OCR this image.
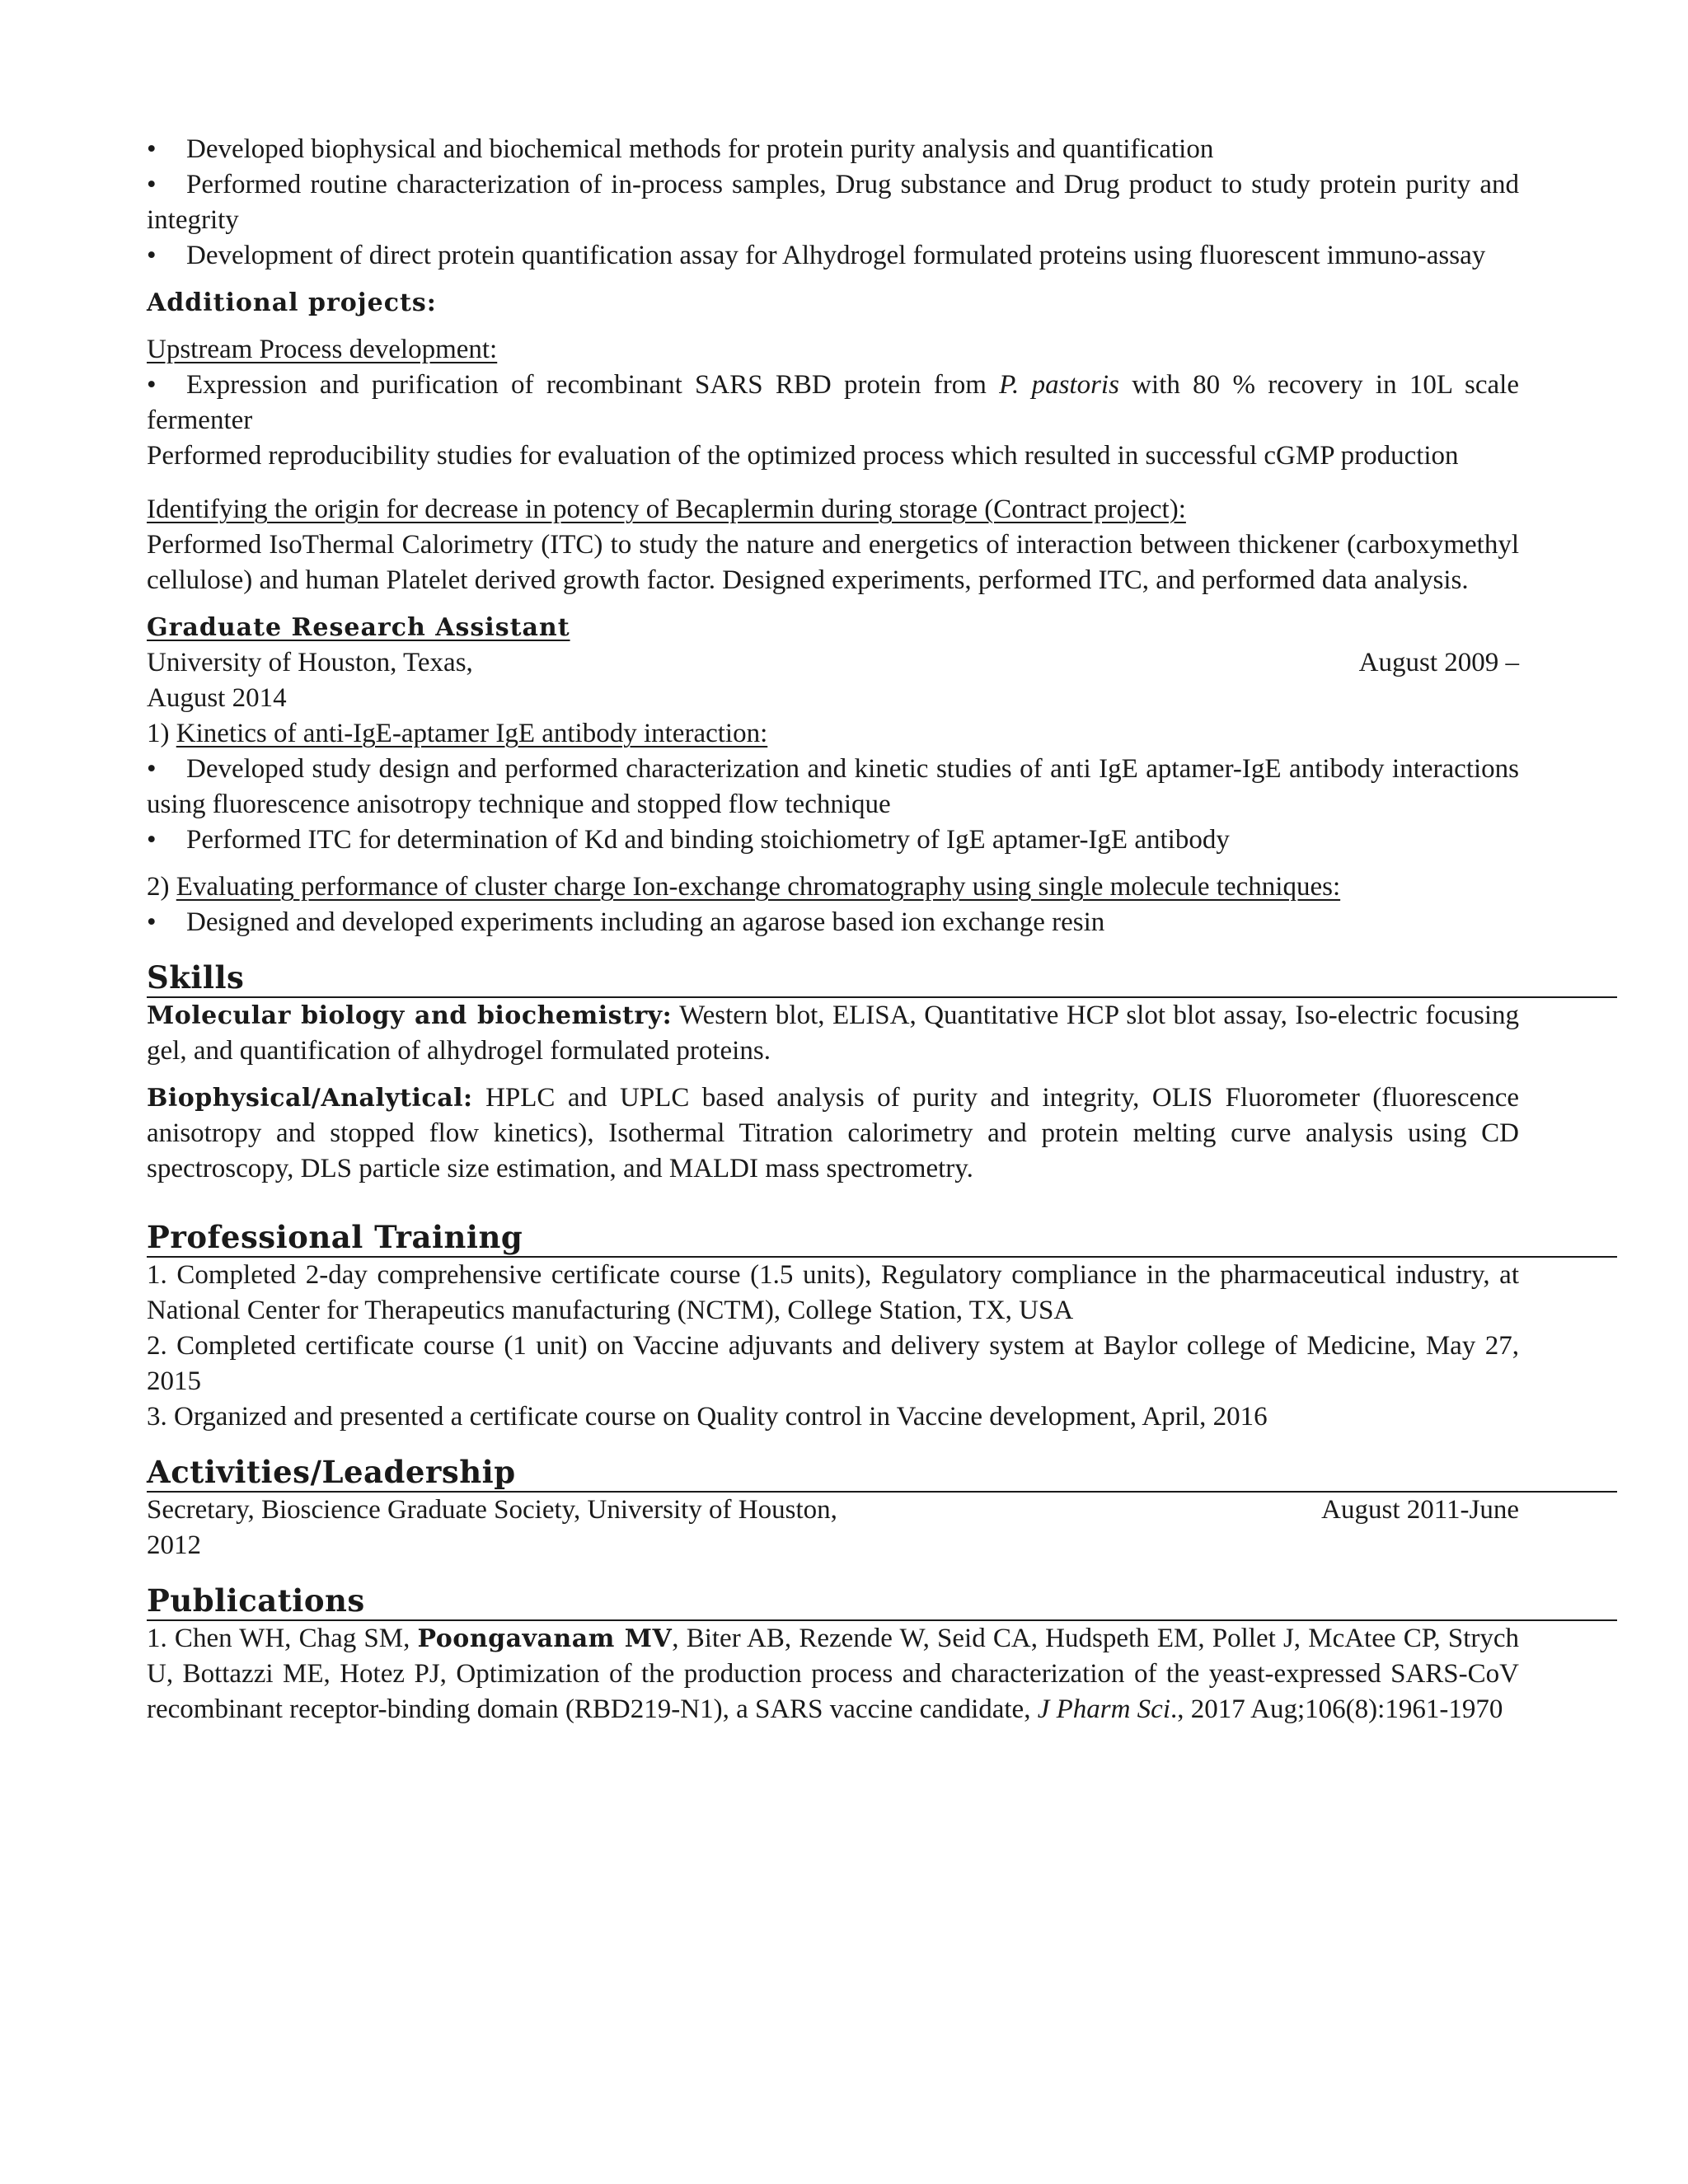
• Developed biophysical and biochemical methods for protein purity analysis and quantification

• Performed routine characterization of in-process samples, Drug substance and Drug product to study protein purity and integrity

• Development of direct protein quantification assay for Alhydrogel formulated proteins using fluorescent immuno-assay

Additional projects:

Upstream Process development:

• Expression and purification of recombinant SARS RBD protein from P. pastoris with 80 % recovery in 10L scale fermenter

Performed reproducibility studies for evaluation of the optimized process which resulted in successful cGMP production

Identifying the origin for decrease in potency of Becaplermin during storage (Contract project):

Performed IsoThermal Calorimetry (ITC) to study the nature and energetics of interaction between thickener (carboxymethyl cellulose) and human Platelet derived growth factor. Designed experiments, performed ITC, and performed data analysis.

Graduate Research Assistant

University of Houston, Texas,	August 2009 –

August 2014

1) Kinetics of anti-IgE-aptamer IgE antibody interaction:

• Developed study design and performed characterization and kinetic studies of anti IgE aptamer-IgE antibody interactions using fluorescence anisotropy technique and stopped flow technique

• Performed ITC for determination of Kd and binding stoichiometry of IgE aptamer-IgE antibody

2) Evaluating performance of cluster charge Ion-exchange chromatography using single molecule techniques:

• Designed and developed experiments including an agarose based ion exchange resin

Skills

Molecular biology and biochemistry: Western blot, ELISA, Quantitative HCP slot blot assay, Iso-electric focusing gel, and quantification of alhydrogel formulated proteins.

Biophysical/Analytical: HPLC and UPLC based analysis of purity and integrity, OLIS Fluorometer (fluorescence anisotropy and stopped flow kinetics), Isothermal Titration calorimetry and protein melting curve analysis using CD spectroscopy, DLS particle size estimation, and MALDI mass spectrometry.

Professional Training

1. Completed 2-day comprehensive certificate course (1.5 units), Regulatory compliance in the pharmaceutical industry, at National Center for Therapeutics manufacturing (NCTM), College Station, TX, USA

2. Completed certificate course (1 unit) on Vaccine adjuvants and delivery system at Baylor college of Medicine, May 27, 2015

3. Organized and presented a certificate course on Quality control in Vaccine development, April, 2016

Activities/Leadership

Secretary, Bioscience Graduate Society, University of Houston,	August 2011-June

2012

Publications

1. Chen WH, Chag SM, Poongavanam MV, Biter AB, Rezende W, Seid CA, Hudspeth EM, Pollet J, McAtee CP, Strych U, Bottazzi ME, Hotez PJ, Optimization of the production process and characterization of the yeast-expressed SARS-CoV recombinant receptor-binding domain (RBD219-N1), a SARS vaccine candidate, J Pharm Sci., 2017 Aug;106(8):1961-1970
